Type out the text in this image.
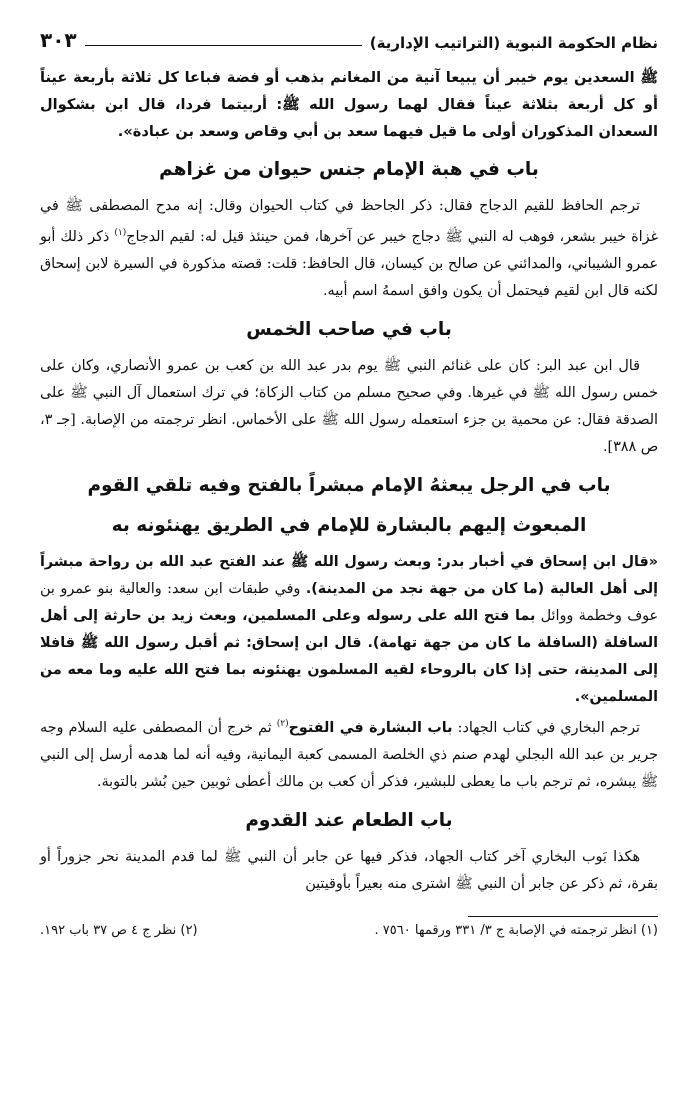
نظام الحكومة النبوية (التراتيب الإدارية)
٣٠٣

ﷺ السعدين يوم خيبر أن يبيعا آنية من المغانم بذهب أو فضة فباعا كل ثلاثة بأربعة عيناً أو كل أربعة بثلاثة عيناً فقال لهما رسول الله ﷺ: أربيتما فردا، قال ابن بشكوال السعدان المذكوران أولى ما قيل فيهما سعد بن أبي وقاص وسعد بن عبادة».

باب في هبة الإمام جنس حيوان من غزاهم

ترجم الحافظ للقيم الدجاج فقال: ذكر الجاحظ في كتاب الحيوان وقال: إنه مدح المصطفى ﷺ في غزاة خيبر بشعر، فوهب له النبي ﷺ دجاج خيبر عن آخرها، فمن حينئذ قيل له: لقيم الدجاج$^{(١)}$ ذكر ذلك أبو عمرو الشيباني، والمدائني عن صالح بن كيسان، قال الحافظ: قلت: قصته مذكورة في السيرة لابن إسحاق لكنه قال ابن لقيم فيحتمل أن يكون وافق اسمهُ اسم أبيه.

باب في صاحب الخمس

قال ابن عبد البر: كان على غنائم النبي ﷺ يوم بدر عبد الله بن كعب بن عمرو الأنصاري، وكان على خمس رسول الله ﷺ في غيرها. وفي صحيح مسلم من كتاب الزكاة؛ في ترك استعمال آل النبي ﷺ على الصدقة فقال: عن محمية بن جزء استعمله رسول الله ﷺ على الأخماس. انظر ترجمته من الإصابة. [جـ ٣، ص ٣٨٨].

باب في الرجل يبعثهُ الإمام مبشراً بالفتح وفيه تلقي القوم
المبعوث إليهم بالبشارة للإمام في الطريق يهنئونه به

«قال ابن إسحاق في أخبار بدر: وبعث رسول الله ﷺ عند الفتح عبد الله بن رواحة مبشراً إلى أهل العالية (ما كان من جهة نجد من المدينة). وفي طبقات ابن سعد: والعالية بنو عمرو بن عوف وخطمة ووائل بما فتح الله على رسوله وعلى المسلمين، وبعث زيد بن حارثة إلى أهل السافلة (السافلة ما كان من جهة تهامة). قال ابن إسحاق: ثم أقبل رسول الله ﷺ قافلا إلى المدينة، حتى إذا كان بالروحاء لقيه المسلمون يهنئونه بما فتح الله عليه وما معه من المسلمين».

ترجم البخاري في كتاب الجهاد: باب البشارة في الفتوح$^{(٢)}$ ثم خرج أن المصطفى عليه السلام وجه جرير بن عبد الله البجلي لهدم صنم ذي الخلصة المسمى كعبة اليمانية، وفيه أنه لما هدمه أرسل إلى النبي ﷺ يبشره، ثم ترجم باب ما يعطى للبشير، فذكر أن كعب بن مالك أعطى ثوبين حين بُشر بالتوبة.

باب الطعام عند القدوم

هكذا بَوب البخاري آخر كتاب الجهاد، فذكر فيها عن جابر أن النبي ﷺ لما قدم المدينة نحر جزوراً أو بقرة، ثم ذكر عن جابر أن النبي ﷺ اشترى منه بعيراً بأوقيتين

(١) انظر ترجمته في الإصابة ج ٣/ ٣٣١ ورقمها ٧٥٦٠ .
(٢) نظر ج ٤ ص ٣٧ باب ١٩٢.
